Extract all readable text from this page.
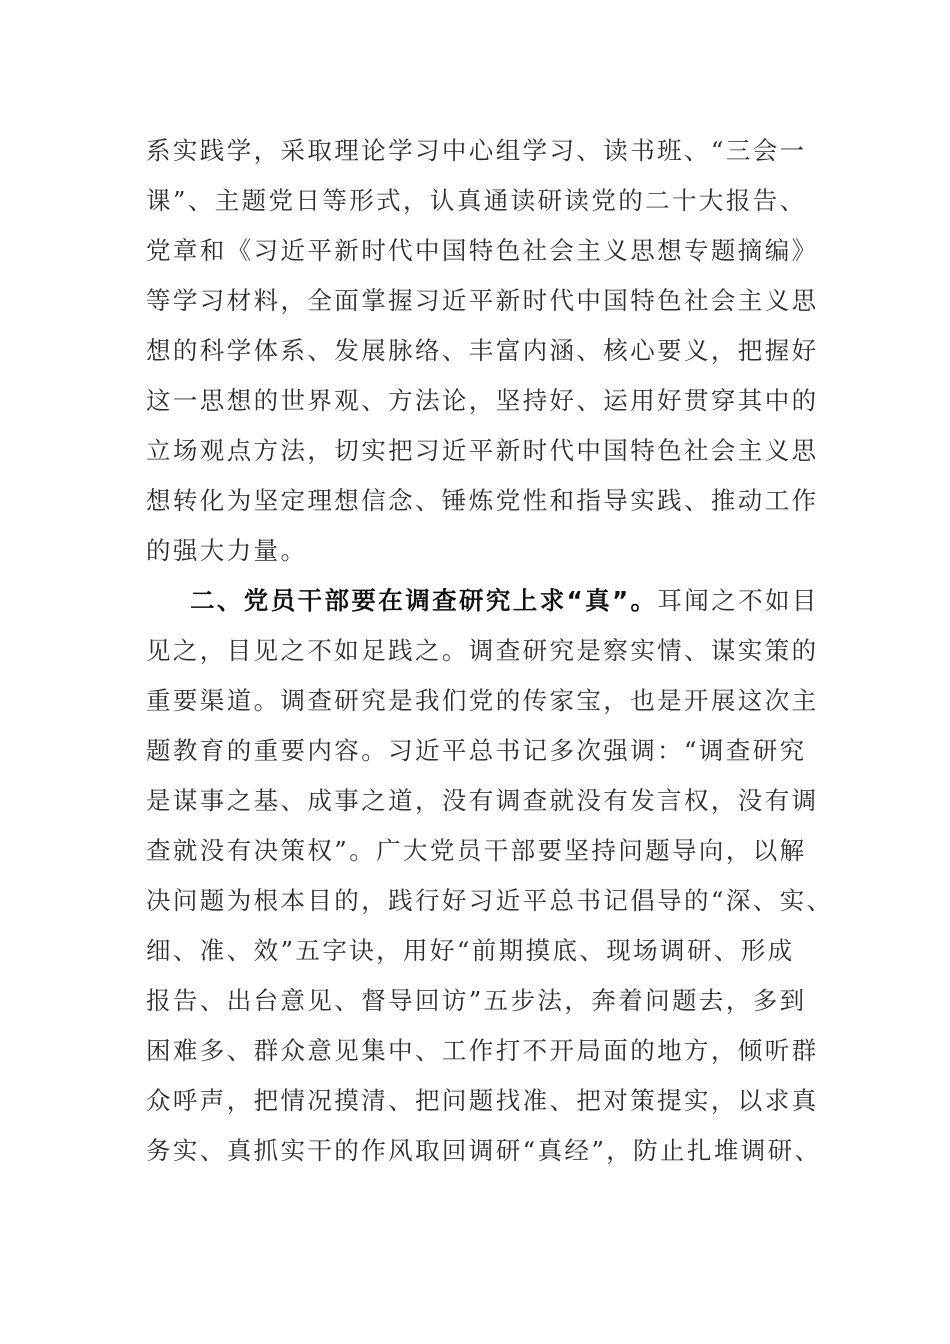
系实践学，采取理论学习中心组学习、读书班、“三会一
课”、主题党日等形式，认真通读研读党的二十大报告、
党章和《习近平新时代中国特色社会主义思想专题摘编》
等学习材料，全面掌握习近平新时代中国特色社会主义思
想的科学体系、发展脉络、丰富内涵、核心要义，把握好
这一思想的世界观、方法论，坚持好、运用好贯穿其中的
立场观点方法，切实把习近平新时代中国特色社会主义思
想转化为坚定理想信念、锤炼党性和指导实践、推动工作
的强大力量。
二、党员干部要在调查研究上求“真”。耳闻之不如目
见之，目见之不如足践之。调查研究是察实情、谋实策的
重要渠道。调查研究是我们党的传家宝，也是开展这次主
题教育的重要内容。习近平总书记多次强调：“调查研究
是谋事之基、成事之道，没有调查就没有发言权，没有调
查就没有决策权”。广大党员干部要坚持问题导向，以解
决问题为根本目的，践行好习近平总书记倡导的“深、实、
细、准、效”五字诀，用好“前期摸底、现场调研、形成
报告、出台意见、督导回访”五步法，奔着问题去，多到
困难多、群众意见集中、工作打不开局面的地方，倾听群
众呼声，把情况摸清、把问题找准、把对策提实，以求真
务实、真抓实干的作风取回调研“真经”，防止扎堆调研、
